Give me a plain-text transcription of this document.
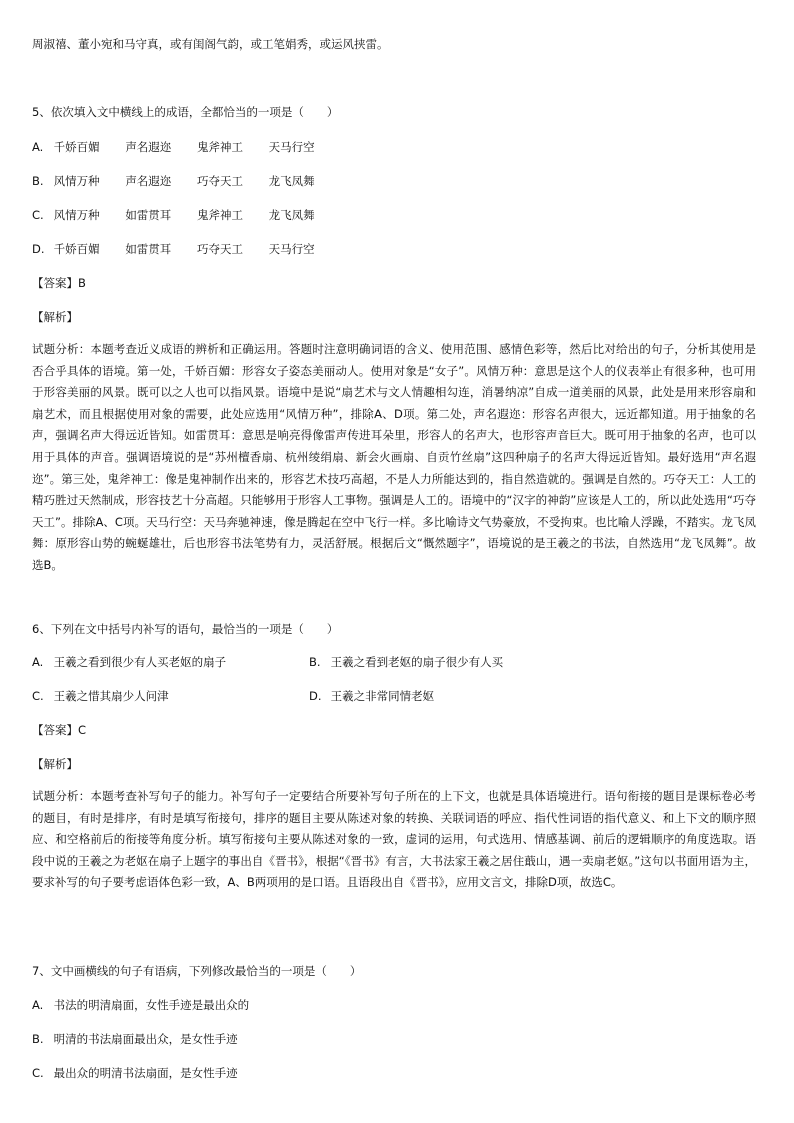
周淑禧、董小宛和马守真，或有闺阁气韵，或工笔娟秀，或运风挟雷。
5、依次填入文中横线上的成语，全都恰当的一项是（　　）
A. 千娇百媚 声名遐迩 鬼斧神工 天马行空
B. 风情万种 声名遐迩 巧夺天工 龙飞凤舞
C. 风情万种 如雷贯耳 鬼斧神工 龙飞凤舞
D. 千娇百媚 如雷贯耳 巧夺天工 天马行空
【答案】B
【解析】
试题分析：本题考查近义成语的辨析和正确运用。答题时注意明确词语的含义、使用范围、感情色彩等，然后比对给出的句子，分析其使用是否合乎具体的语境。第一处，千娇百媚：形容女子姿态美丽动人。使用对象是“女子”。风情万种：意思是这个人的仪表举止有很多种，也可用于形容美丽的风景。既可以之人也可以指风景。语境中是说“扇艺术与文人情趣相勾连，消暑纳凉”自成一道美丽的风景，此处是用来形容扇和扇艺术，而且根据使用对象的需要，此处应选用“风情万种”，排除A、D项。第二处，声名遐迩：形容名声很大，远近都知道。用于抽象的名声，强调名声大得远近皆知。如雷贯耳：意思是响亮得像雷声传进耳朵里，形容人的名声大，也形容声音巨大。既可用于抽象的名声，也可以用于具体的声音。强调语境说的是“苏州檀香扇、杭州绫绢扇、新会火画扇、自贡竹丝扇”这四种扇子的名声大得远近皆知。最好选用“声名遐迩”。第三处，鬼斧神工：像是鬼神制作出来的，形容艺术技巧高超，不是人力所能达到的，指自然造就的。强调是自然的。巧夺天工：人工的精巧胜过天然制成，形容技艺十分高超。只能够用于形容人工事物。强调是人工的。语境中的“汉字的神韵”应该是人工的，所以此处选用“巧夺天工”。排除A、C项。天马行空：天马奔驰神速，像是腾起在空中飞行一样。多比喻诗文气势豪放，不受拘束。也比喻人浮躁，不踏实。龙飞凤舞：原形容山势的蜿蜒雄壮，后也形容书法笔势有力，灵活舒展。根据后文“慨然题字”，语境说的是王羲之的书法，自然选用“龙飞凤舞”。故选B。
6、下列在文中括号内补写的语句，最恰当的一项是（　　）
A. 王羲之看到很少有人买老妪的扇子	B. 王羲之看到老妪的扇子很少有人买
C. 王羲之惜其扇少人问津	D. 王羲之非常同情老妪
【答案】C
【解析】
试题分析：本题考查补写句子的能力。补写句子一定要结合所要补写句子所在的上下文，也就是具体语境进行。语句衔接的题目是课标卷必考的题目，有时是排序，有时是填写衔接句，排序的题目主要从陈述对象的转换、关联词语的呼应、指代性词语的指代意义、和上下文的顺序照应、和空格前后的衔接等角度分析。填写衔接句主要从陈述对象的一致，虚词的运用，句式选用、情感基调、前后的逻辑顺序的角度选取。语段中说的王羲之为老妪在扇子上题字的事出自《晋书》，根据“《晋书》有言，大书法家王羲之居住蕺山，遇一卖扇老妪。”这句以书面用语为主，要求补写的句子要考虑语体色彩一致，A、B两项用的是口语。且语段出自《晋书》，应用文言文，排除D项，故选C。
7、文中画横线的句子有语病，下列修改最恰当的一项是（　　）
A. 书法的明清扇面，女性手迹是最出众的
B. 明清的书法扇面最出众，是女性手迹
C. 最出众的明清书法扇面，是女性手迹
